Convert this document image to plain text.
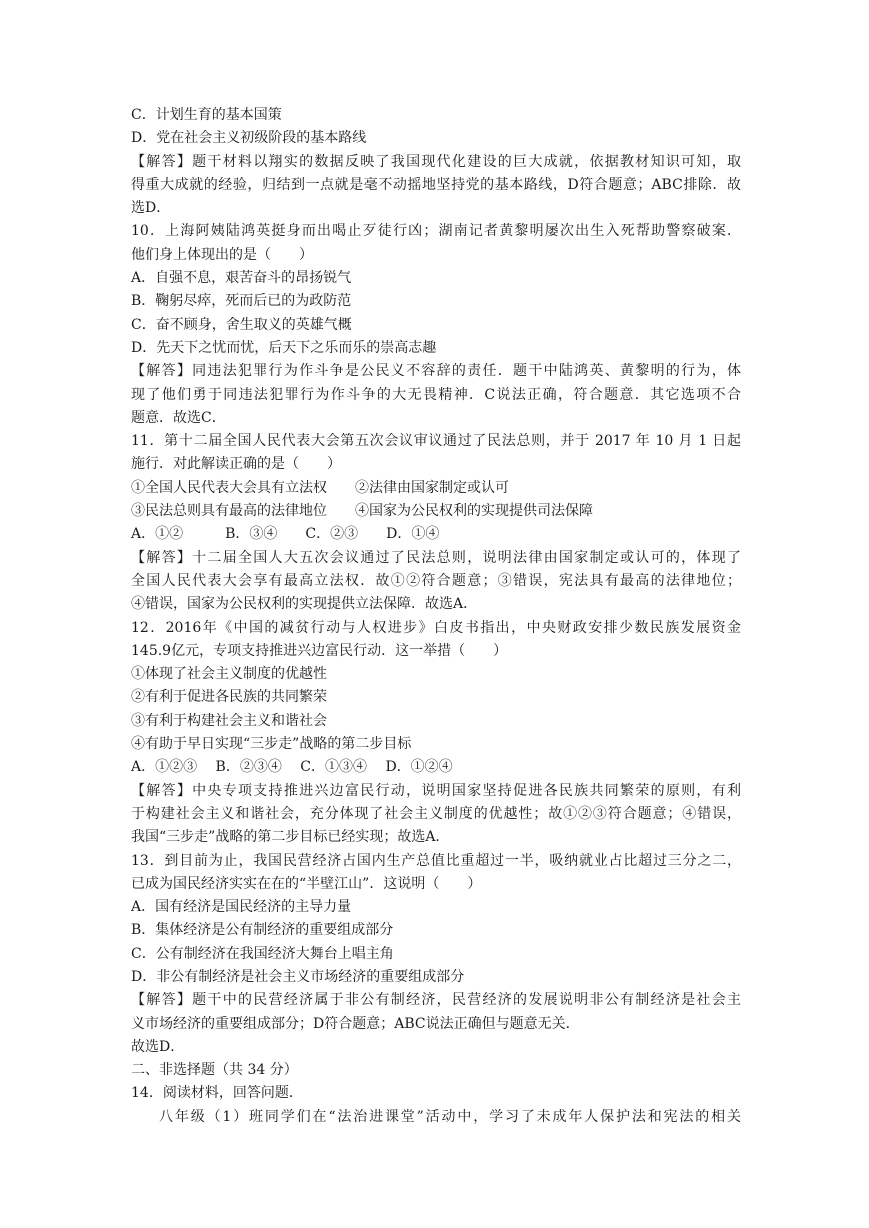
C．计划生育的基本国策
D．党在社会主义初级阶段的基本路线
【解答】题干材料以翔实的数据反映了我国现代化建设的巨大成就，依据教材知识可知，取
得重大成就的经验，归结到一点就是毫不动摇地坚持党的基本路线，D符合题意；ABC排除．故
选D．
10．上海阿姨陆鸿英挺身而出喝止歹徒行凶；湖南记者黄黎明屡次出生入死帮助警察破案．
他们身上体现出的是（　　）
A．自强不息，艰苦奋斗的昂扬锐气
B．鞠躬尽瘁，死而后已的为政防范
C．奋不顾身，舍生取义的英雄气概
D．先天下之忧而忧，后天下之乐而乐的崇高志趣
【解答】同违法犯罪行为作斗争是公民义不容辞的责任．题干中陆鸿英、黄黎明的行为，体
现了他们勇于同违法犯罪行为作斗争的大无畏精神．C说法正确，符合题意．其它选项不合
题意．故选C．
11．第十二届全国人民代表大会第五次会议审议通过了民法总则，并于 2017 年 10 月 1 日起
施行．对此解读正确的是（　　）
①全国人民代表大会具有立法权　　②法律由国家制定或认可
③民法总则具有最高的法律地位　　④国家为公民权利的实现提供司法保障
A．①②　　　B．③④　　C．②③　　D．①④
【解答】十二届全国人大五次会议通过了民法总则，说明法律由国家制定或认可的，体现了
全国人民代表大会享有最高立法权．故①②符合题意；③错误，宪法具有最高的法律地位；
④错误，国家为公民权利的实现提供立法保障．故选A．
12．2016年《中国的减贫行动与人权进步》白皮书指出，中央财政安排少数民族发展资金
145.9亿元，专项支持推进兴边富民行动．这一举措（　　）
①体现了社会主义制度的优越性
②有利于促进各民族的共同繁荣
③有利于构建社会主义和谐社会
④有助于早日实现“三步走”战略的第二步目标
A．①②③　 B．②③④　 C．①③④　 D．①②④
【解答】中央专项支持推进兴边富民行动，说明国家坚持促进各民族共同繁荣的原则，有利
于构建社会主义和谐社会，充分体现了社会主义制度的优越性；故①②③符合题意；④错误，
我国“三步走”战略的第二步目标已经实现；故选A．
13．到目前为止，我国民营经济占国内生产总值比重超过一半，吸纳就业占比超过三分之二，
已成为国民经济实实在在的“半壁江山”．这说明（　　）
A．国有经济是国民经济的主导力量
B．集体经济是公有制经济的重要组成部分
C．公有制经济在我国经济大舞台上唱主角
D．非公有制经济是社会主义市场经济的重要组成部分
【解答】题干中的民营经济属于非公有制经济，民营经济的发展说明非公有制经济是社会主
义市场经济的重要组成部分；D符合题意；ABC说法正确但与题意无关．
故选D．
二、非选择题（共 34 分）
14．阅读材料，回答问题．
八年级（1）班同学们在“法治进课堂”活动中，学习了未成年人保护法和宪法的相关
